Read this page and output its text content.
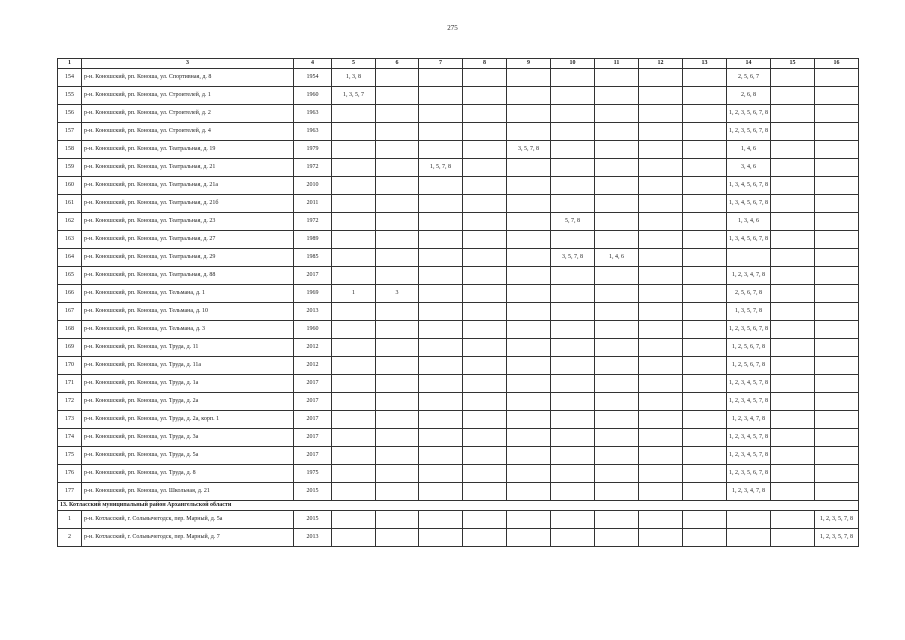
275
1	3	4	5	6	7	8	9	10	11	12	13	14	15	16
154	р-н. Коношский, рп. Коноша, ул. Спортивная, д. 8	1954	1, 3, 8									2, 5, 6, 7		
155	р-н. Коношский, рп. Коноша, ул. Строителей, д. 1	1960	1, 3, 5, 7									2, 6, 8		
156	р-н. Коношский, рп. Коноша, ул. Строителей, д. 2	1963										1, 2, 3, 5, 6, 7, 8		
157	р-н. Коношский, рп. Коноша, ул. Строителей, д. 4	1963										1, 2, 3, 5, 6, 7, 8		
158	р-н. Коношский, рп. Коноша, ул. Театральная, д. 19	1979					3, 5, 7, 8					1, 4, 6		
159	р-н. Коношский, рп. Коноша, ул. Театральная, д. 21	1972			1, 5, 7, 8							3, 4, 6		
160	р-н. Коношский, рп. Коноша, ул. Театральная, д. 21а	2010										1, 3, 4, 5, 6, 7, 8		
161	р-н. Коношский, рп. Коноша, ул. Театральная, д. 21б	2011										1, 3, 4, 5, 6, 7, 8		
162	р-н. Коношский, рп. Коноша, ул. Театральная, д. 23	1972						5, 7, 8				1, 3, 4, 6		
163	р-н. Коношский, рп. Коноша, ул. Театральная, д. 27	1989										1, 3, 4, 5, 6, 7, 8		
164	р-н. Коношский, рп. Коноша, ул. Театральная, д. 29	1985						3, 5, 7, 8	1, 4, 6					
165	р-н. Коношский, рп. Коноша, ул. Театральная, д. 88	2017										1, 2, 3, 4, 7, 8		
166	р-н. Коношский, рп. Коноша, ул. Тельмана, д. 1	1969	1	3								2, 5, 6, 7, 8		
167	р-н. Коношский, рп. Коноша, ул. Тельмана, д. 10	2013										1, 3, 5, 7, 8		
168	р-н. Коношский, рп. Коноша, ул. Тельмана, д. 3	1960										1, 2, 3, 5, 6, 7, 8		
169	р-н. Коношский, рп. Коноша, ул. Труда, д. 11	2012										1, 2, 5, 6, 7, 8		
170	р-н. Коношский, рп. Коноша, ул. Труда, д. 11а	2012										1, 2, 5, 6, 7, 8		
171	р-н. Коношский, рп. Коноша, ул. Труда, д. 1а	2017										1, 2, 3, 4, 5, 7, 8		
172	р-н. Коношский, рп. Коноша, ул. Труда, д. 2а	2017										1, 2, 3, 4, 5, 7, 8		
173	р-н. Коношский, рп. Коноша, ул. Труда, д. 2а, корп. 1	2017										1, 2, 3, 4, 7, 8		
174	р-н. Коношский, рп. Коноша, ул. Труда, д. 3а	2017										1, 2, 3, 4, 5, 7, 8		
175	р-н. Коношский, рп. Коноша, ул. Труда, д. 5а	2017										1, 2, 3, 4, 5, 7, 8		
176	р-н. Коношский, рп. Коноша, ул. Труда, д. 8	1975										1, 2, 3, 5, 6, 7, 8		
177	р-н. Коношский, рп. Коноша, ул. Школьная, д. 21	2015										1, 2, 3, 4, 7, 8		
13. Котласский муниципальный район Архангельской области														
1	р-н. Котласский, г. Сольвычегодск, пер. Марный, д. 5а	2015												1, 2, 3, 5, 7, 8
2	р-н. Котласский, г. Сольвычегодск, пер. Марный, д. 7	2013												1, 2, 3, 5, 7, 8
